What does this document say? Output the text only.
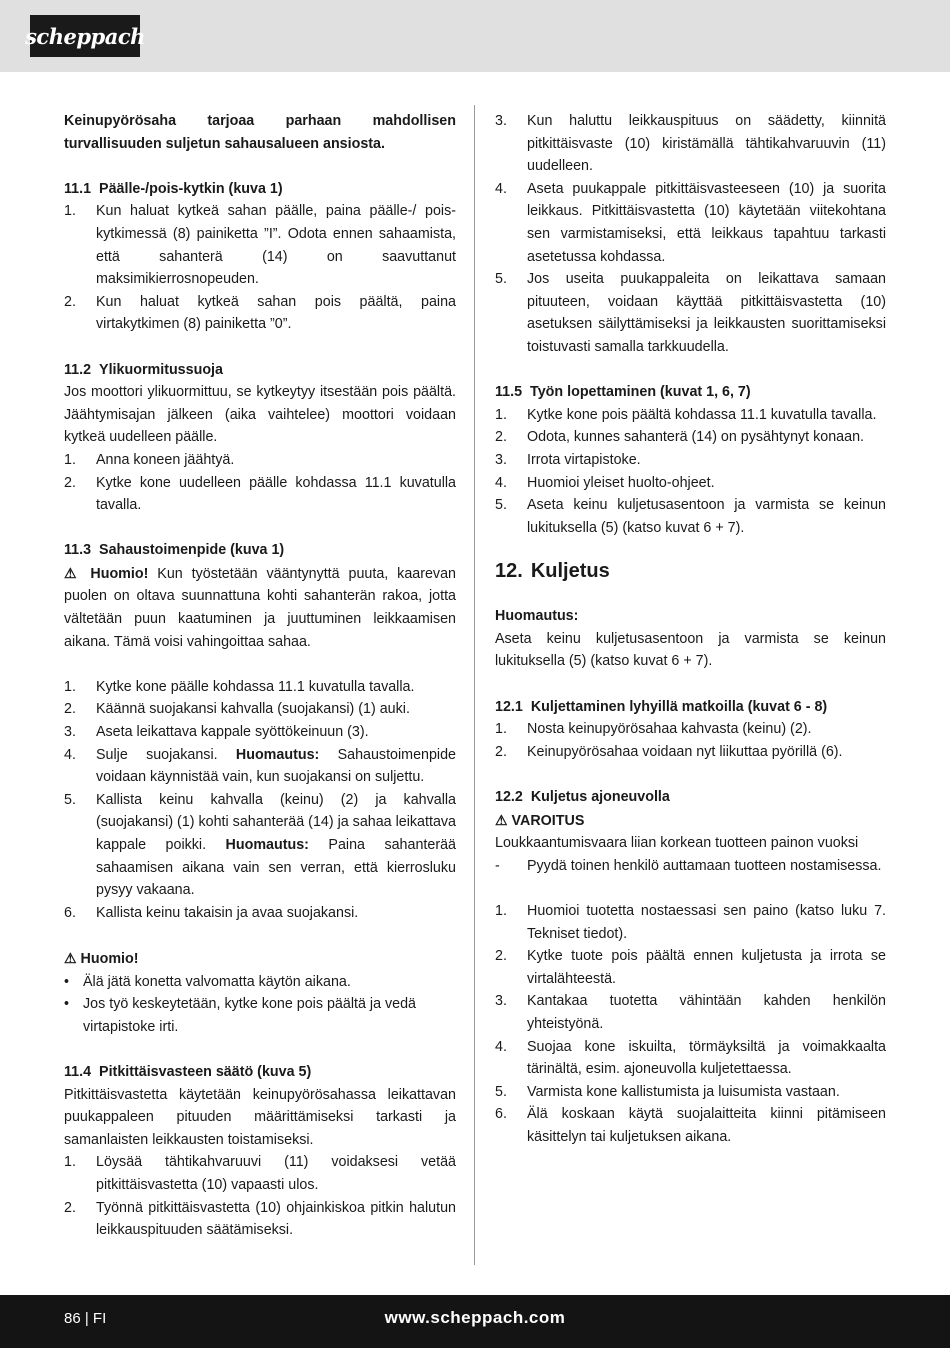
scheppach
Keinupyörösaha tarjoaa parhaan mahdollisen turvallisuuden suljetun sahausalueen ansiosta.
11.1 Päälle-/pois-kytkin (kuva 1)
1. Kun haluat kytkeä sahan päälle, paina päälle-/ pois-kytkimessä (8) painiketta ”I”. Odota ennen sahaamista, että sahanterä (14) on saavuttanut maksimikierrosnopeuden.
2. Kun haluat kytkeä sahan pois päältä, paina virtakytkimen (8) painiketta ”0”.
11.2 Ylikuormitussuoja
Jos moottori ylikuormittuu, se kytkeytyy itsestään pois päältä. Jäähtymisajan jälkeen (aika vaihtelee) moottori voidaan kytkeä uudelleen päälle.
1. Anna koneen jäähtyä.
2. Kytke kone uudelleen päälle kohdassa 11.1 kuvatulla tavalla.
11.3 Sahaustoimenpide (kuva 1)
⚠ Huomio! Kun työstetään vääntynyttä puuta, kaarevan puolen on oltava suunnattuna kohti sahanterän rakoa, jotta vältetään puun kaatuminen ja juuttuminen leikkaamisen aikana. Tämä voisi vahingoittaa sahaa.
1. Kytke kone päälle kohdassa 11.1 kuvatulla tavalla.
2. Käännä suojakansi kahvalla (suojakansi) (1) auki.
3. Aseta leikattava kappale syöttökeinuun (3).
4. Sulje suojakansi. Huomautus: Sahaustoimenpide voidaan käynnistää vain, kun suojakansi on suljettu.
5. Kallista keinu kahvalla (keinu) (2) ja kahvalla (suojakansi) (1) kohti sahanterää (14) ja sahaa leikattava kappale poikki. Huomautus: Paina sahanterää sahaamisen aikana vain sen verran, että kierrosluku pysyy vakaana.
6. Kallista keinu takaisin ja avaa suojakansi.
⚠ Huomio!
• Älä jätä konetta valvomatta käytön aikana.
• Jos työ keskeytetään, kytke kone pois päältä ja vedä virtapistoke irti.
11.4 Pitkittäisvasteen säätö (kuva 5)
Pitkittäisvastetta käytetään keinupyörösahassa leikattavan puukappaleen pituuden määrittämiseksi tarkasti ja samanlaisten leikkausten toistamiseksi.
1. Löysää tähtikahvaruuvi (11) voidaksesi vetää pitkittäisvastetta (10) vapaasti ulos.
2. Työnnä pitkittäisvastetta (10) ohjainkiskoa pitkin halutun leikkauspituuden säätämiseksi.
3. Kun haluttu leikkauspituus on säädetty, kiinnitä pitkittäisvaste (10) kiristämällä tähtikahvaruuvin (11) uudelleen.
4. Aseta puukappale pitkittäisvasteeseen (10) ja suorita leikkaus. Pitkittäisvastetta (10) käytetään viitekohtana sen varmistamiseksi, että leikkaus tapahtuu tarkasti asetetussa kohdassa.
5. Jos useita puukappaleita on leikattava samaan pituuteen, voidaan käyttää pitkittäisvastetta (10) asetuksen säilyttämiseksi ja leikkausten suorittamiseksi toistuvasti samalla tarkkuudella.
11.5 Työn lopettaminen (kuvat 1, 6, 7)
1. Kytke kone pois päältä kohdassa 11.1 kuvatulla tavalla.
2. Odota, kunnes sahanterä (14) on pysähtynyt konaan.
3. Irrota virtapistoke.
4. Huomioi yleiset huolto-ohjeet.
5. Aseta keinu kuljetusasentoon ja varmista se keinun lukituksella (5) (katso kuvat 6 + 7).
12. Kuljetus
Huomautus:
Aseta keinu kuljetusasentoon ja varmista se keinun lukituksella (5) (katso kuvat 6 + 7).
12.1 Kuljettaminen lyhyillä matkoilla (kuvat 6 - 8)
1. Nosta keinupyörösahaa kahvasta (keinu) (2).
2. Keinupyörösahaa voidaan nyt liikuttaa pyörillä (6).
12.2 Kuljetus ajoneuvolla
⚠ VAROITUS
Loukkaantumisvaara liian korkean tuotteen painon vuoksi
- Pyydä toinen henkilö auttamaan tuotteen nostamisessa.
1. Huomioi tuotetta nostaessasi sen paino (katso luku 7. Tekniset tiedot).
2. Kytke tuote pois päältä ennen kuljetusta ja irrota se virtalähteestä.
3. Kantakaa tuotetta vähintään kahden henkilön yhteistyönä.
4. Suojaa kone iskuilta, törmäyksiltä ja voimakkaalta tärinältä, esim. ajoneuvolla kuljetettaessa.
5. Varmista kone kallistumista ja luisumista vastaan.
6. Älä koskaan käytä suojalaitteita kiinni pitämiseen käsittelyn tai kuljetuksen aikana.
86 | FI	www.scheppach.com
